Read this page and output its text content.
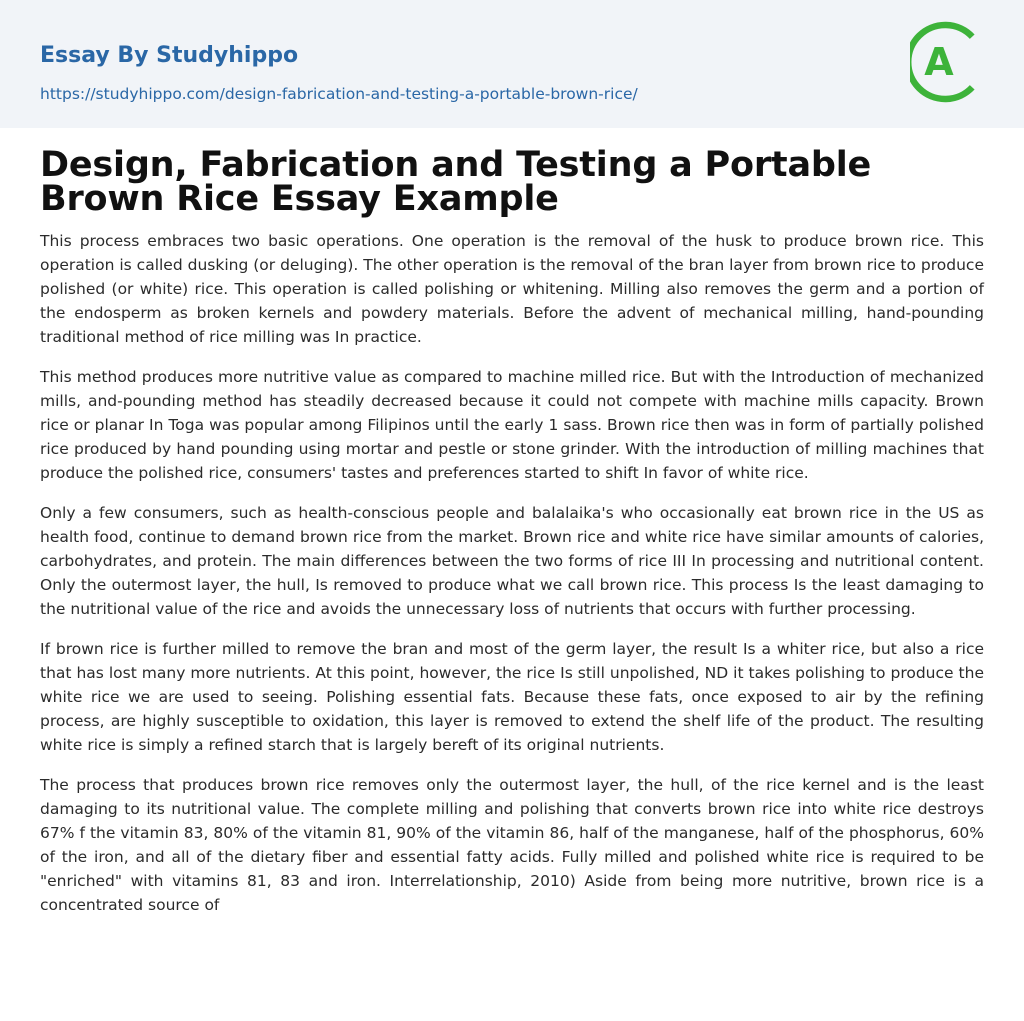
Essay By Studyhippo
https://studyhippo.com/design-fabrication-and-testing-a-portable-brown-rice/
A
Design, Fabrication and Testing a Portable Brown Rice Essay Example

This process embraces two basic operations. One operation is the removal of the husk to produce brown rice. This operation is called dusking (or deluging). The other operation is the removal of the bran layer from brown rice to produce polished (or white) rice. This operation is called polishing or whitening. Milling also removes the germ and a portion of the endosperm as broken kernels and powdery materials. Before the advent of mechanical milling, hand-pounding traditional method of rice milling was In practice.

This method produces more nutritive value as compared to machine milled rice. But with the Introduction of mechanized mills, and-pounding method has steadily decreased because it could not compete with machine mills capacity. Brown rice or planar In Toga was popular among Filipinos until the early 1 sass. Brown rice then was in form of partially polished rice produced by hand pounding using mortar and pestle or stone grinder. With the introduction of milling machines that produce the polished rice, consumers' tastes and preferences started to shift In favor of white rice.

Only a few consumers, such as health-conscious people and balalaika's who occasionally eat brown rice in the US as health food, continue to demand brown rice from the market. Brown rice and white rice have similar amounts of calories, carbohydrates, and protein. The main differences between the two forms of rice III In processing and nutritional content. Only the outermost layer, the hull, Is removed to produce what we call brown rice. This process Is the least damaging to the nutritional value of the rice and avoids the unnecessary loss of nutrients that occurs with further processing.

If brown rice is further milled to remove the bran and most of the germ layer, the result Is a whiter rice, but also a rice that has lost many more nutrients. At this point, however, the rice Is still unpolished, ND it takes polishing to produce the white rice we are used to seeing. Polishing essential fats. Because these fats, once exposed to air by the refining process, are highly susceptible to oxidation, this layer is removed to extend the shelf life of the product. The resulting white rice is simply a refined starch that is largely bereft of its original nutrients.

The process that produces brown rice removes only the outermost layer, the hull, of the rice kernel and is the least damaging to its nutritional value. The complete milling and polishing that converts brown rice into white rice destroys 67% f the vitamin 83, 80% of the vitamin 81, 90% of the vitamin 86, half of the manganese, half of the phosphorus, 60% of the iron, and all of the dietary fiber and essential fatty acids. Fully milled and polished white rice is required to be "enriched" with vitamins 81, 83 and iron. Interrelationship, 2010) Aside from being more nutritive, brown rice is a concentrated source of
